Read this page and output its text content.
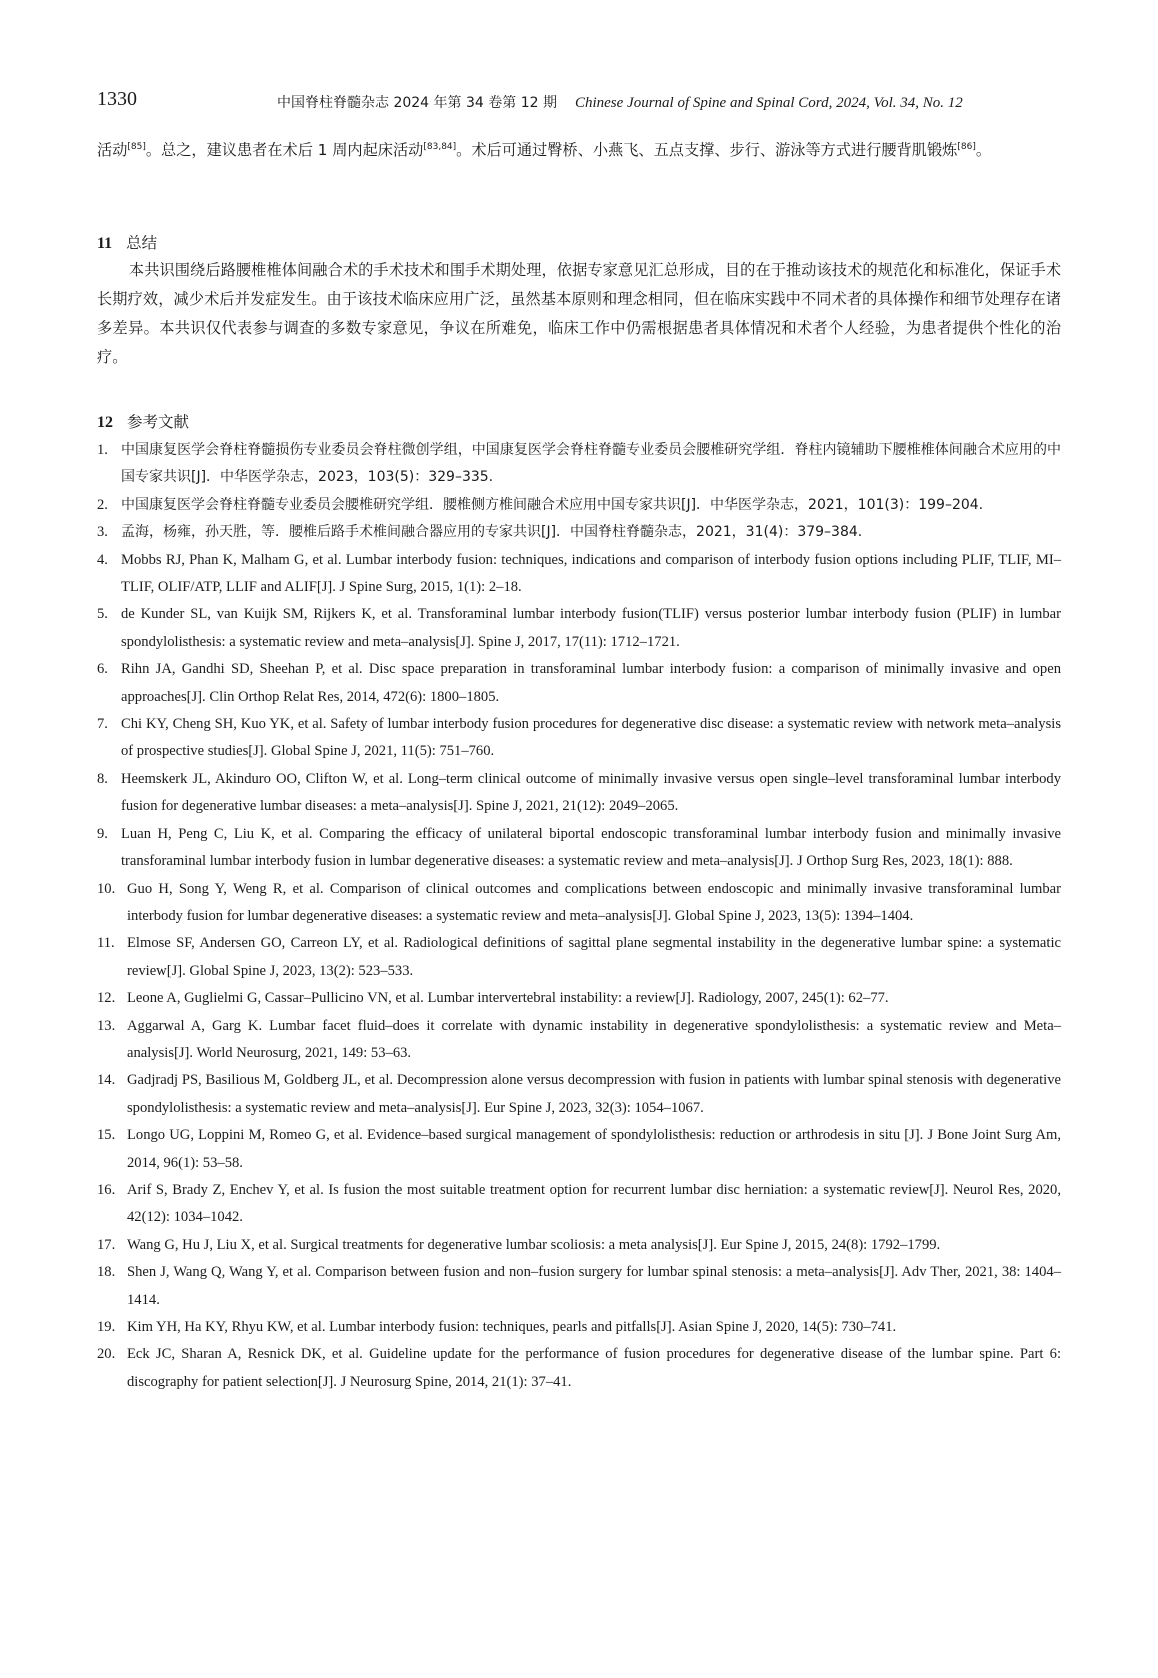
1330	中国脊柱脊髓杂志 2024 年第 34 卷第 12 期 Chinese Journal of Spine and Spinal Cord, 2024, Vol. 34, No. 12

活动[85]。总之，建议患者在术后 1 周内起床活动[83,84]。术后可通过臀桥、小燕飞、五点支撑、步行、游泳等方式进行腰背肌锻炼[86]。

11 总结

本共识围绕后路腰椎椎体间融合术的手术技术和围手术期处理，依据专家意见汇总形成，目的在于推动该技术的规范化和标准化，保证手术长期疗效，减少术后并发症发生。由于该技术临床应用广泛，虽然基本原则和理念相同，但在临床实践中不同术者的具体操作和细节处理存在诸多差异。本共识仅代表参与调查的多数专家意见，争议在所难免，临床工作中仍需根据患者具体情况和术者个人经验，为患者提供个性化的治疗。

12 参考文献
1. 中国康复医学会脊柱脊髓损伤专业委员会脊柱微创学组，中国康复医学会脊柱脊髓专业委员会腰椎研究学组．脊柱内镜辅助下腰椎椎体间融合术应用的中国专家共识[J]．中华医学杂志，2023，103(5)：329–335.
2. 中国康复医学会脊柱脊髓专业委员会腰椎研究学组．腰椎侧方椎间融合术应用中国专家共识[J]．中华医学杂志，2021，101(3)：199–204.
3. 孟海，杨雍，孙天胜，等．腰椎后路手术椎间融合器应用的专家共识[J]．中国脊柱脊髓杂志，2021，31(4)：379–384.
4. Mobbs RJ, Phan K, Malham G, et al. Lumbar interbody fusion: techniques, indications and comparison of interbody fusion options including PLIF, TLIF, MI–TLIF, OLIF/ATP, LLIF and ALIF[J]. J Spine Surg, 2015, 1(1): 2–18.
5. de Kunder SL, van Kuijk SM, Rijkers K, et al. Transforaminal lumbar interbody fusion(TLIF) versus posterior lumbar interbody fusion (PLIF) in lumbar spondylolisthesis: a systematic review and meta–analysis[J]. Spine J, 2017, 17(11): 1712–1721.
6. Rihn JA, Gandhi SD, Sheehan P, et al. Disc space preparation in transforaminal lumbar interbody fusion: a comparison of minimally invasive and open approaches[J]. Clin Orthop Relat Res, 2014, 472(6): 1800–1805.
7. Chi KY, Cheng SH, Kuo YK, et al. Safety of lumbar interbody fusion procedures for degenerative disc disease: a systematic review with network meta–analysis of prospective studies[J]. Global Spine J, 2021, 11(5): 751–760.
8. Heemskerk JL, Akinduro OO, Clifton W, et al. Long–term clinical outcome of minimally invasive versus open single–level transforaminal lumbar interbody fusion for degenerative lumbar diseases: a meta–analysis[J]. Spine J, 2021, 21(12): 2049–2065.
9. Luan H, Peng C, Liu K, et al. Comparing the efficacy of unilateral biportal endoscopic transforaminal lumbar interbody fusion and minimally invasive transforaminal lumbar interbody fusion in lumbar degenerative diseases: a systematic review and meta–analysis[J]. J Orthop Surg Res, 2023, 18(1): 888.
10. Guo H, Song Y, Weng R, et al. Comparison of clinical outcomes and complications between endoscopic and minimally invasive transforaminal lumbar interbody fusion for lumbar degenerative diseases: a systematic review and meta–analysis[J]. Global Spine J, 2023, 13(5): 1394–1404.
11. Elmose SF, Andersen GO, Carreon LY, et al. Radiological definitions of sagittal plane segmental instability in the degenerative lumbar spine: a systematic review[J]. Global Spine J, 2023, 13(2): 523–533.
12. Leone A, Guglielmi G, Cassar–Pullicino VN, et al. Lumbar intervertebral instability: a review[J]. Radiology, 2007, 245(1): 62–77.
13. Aggarwal A, Garg K. Lumbar facet fluid–does it correlate with dynamic instability in degenerative spondylolisthesis: a systematic review and Meta–analysis[J]. World Neurosurg, 2021, 149: 53–63.
14. Gadjradj PS, Basilious M, Goldberg JL, et al. Decompression alone versus decompression with fusion in patients with lumbar spinal stenosis with degenerative spondylolisthesis: a systematic review and meta–analysis[J]. Eur Spine J, 2023, 32(3): 1054–1067.
15. Longo UG, Loppini M, Romeo G, et al. Evidence–based surgical management of spondylolisthesis: reduction or arthrodesis in situ [J]. J Bone Joint Surg Am, 2014, 96(1): 53–58.
16. Arif S, Brady Z, Enchev Y, et al. Is fusion the most suitable treatment option for recurrent lumbar disc herniation: a systematic review[J]. Neurol Res, 2020, 42(12): 1034–1042.
17. Wang G, Hu J, Liu X, et al. Surgical treatments for degenerative lumbar scoliosis: a meta analysis[J]. Eur Spine J, 2015, 24(8): 1792–1799.
18. Shen J, Wang Q, Wang Y, et al. Comparison between fusion and non–fusion surgery for lumbar spinal stenosis: a meta–analysis[J]. Adv Ther, 2021, 38: 1404–1414.
19. Kim YH, Ha KY, Rhyu KW, et al. Lumbar interbody fusion: techniques, pearls and pitfalls[J]. Asian Spine J, 2020, 14(5): 730–741.
20. Eck JC, Sharan A, Resnick DK, et al. Guideline update for the performance of fusion procedures for degenerative disease of the lumbar spine. Part 6: discography for patient selection[J]. J Neurosurg Spine, 2014, 21(1): 37–41.
